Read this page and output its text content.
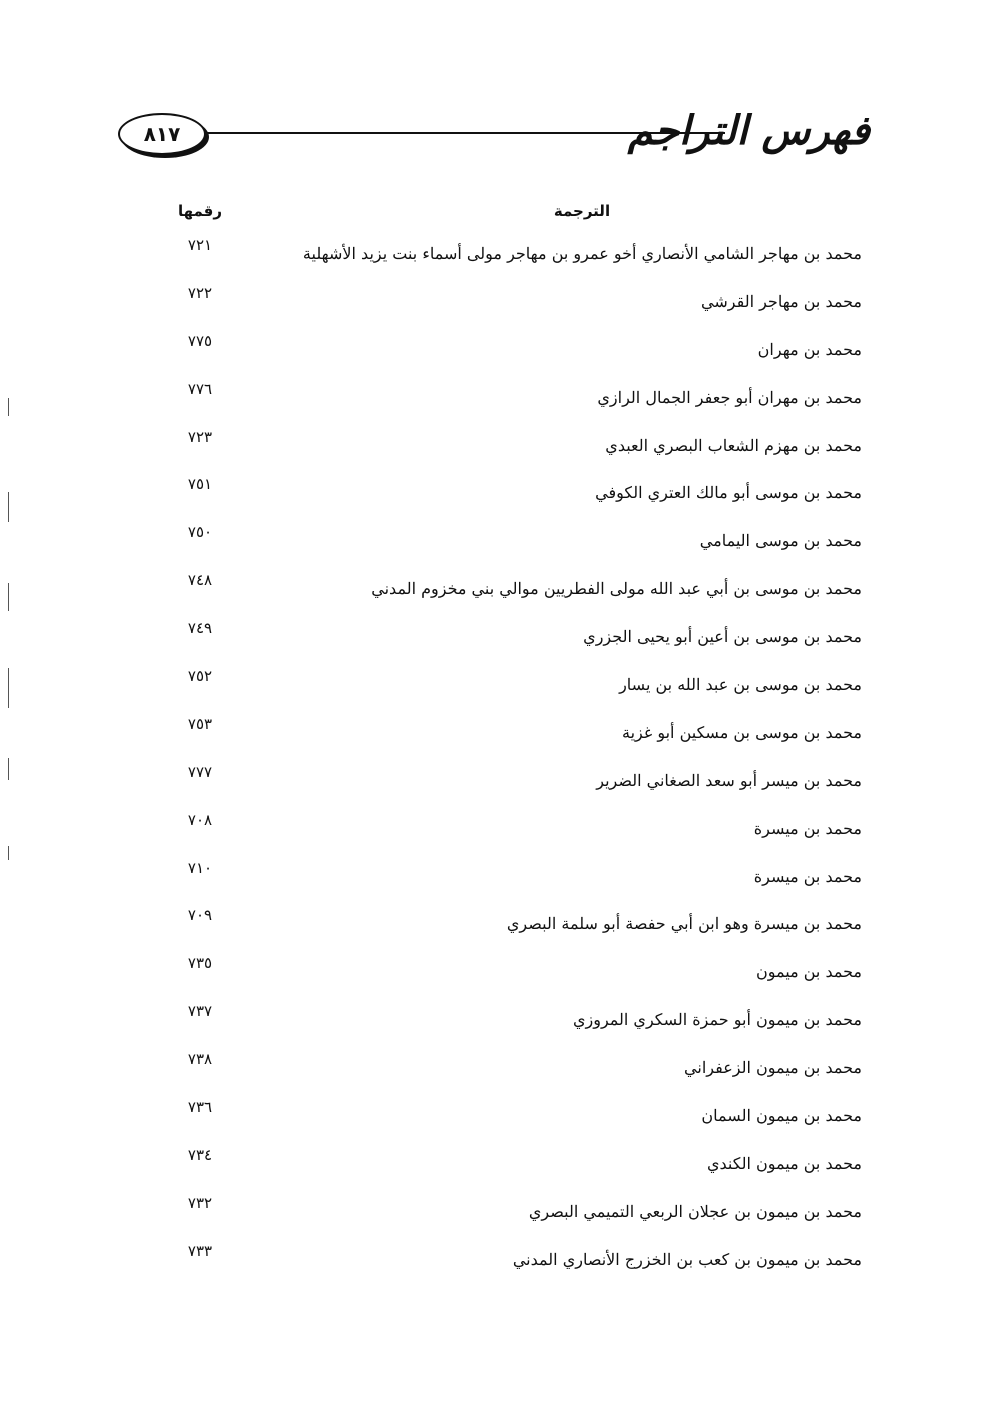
فهرس التراجم
٨١٧
الترجمة
رقمها
محمد بن مهاجر الشامي الأنصاري أخو عمرو بن مهاجر مولى أسماء بنت يزيد الأشهلية
٧٢١
محمد بن مهاجر القرشي
٧٢٢
محمد بن مهران
٧٧٥
محمد بن مهران أبو جعفر الجمال الرازي
٧٧٦
محمد بن مهزم الشعاب البصري العبدي
٧٢٣
محمد بن موسى أبو مالك العتري الكوفي
٧٥١
محمد بن موسى اليمامي
٧٥٠
محمد بن موسى بن أبي عبد الله مولى الفطريين موالي بني مخزوم المدني
٧٤٨
محمد بن موسى بن أعين أبو يحيى الجزري
٧٤٩
محمد بن موسى بن عبد الله بن يسار
٧٥٢
محمد بن موسى بن مسكين أبو غزية
٧٥٣
محمد بن ميسر أبو سعد الصغاني الضرير
٧٧٧
محمد بن ميسرة
٧٠٨
محمد بن ميسرة
٧١٠
محمد بن ميسرة وهو ابن أبي حفصة أبو سلمة البصري
٧٠٩
محمد بن ميمون
٧٣٥
محمد بن ميمون أبو حمزة السكري المروزي
٧٣٧
محمد بن ميمون الزعفراني
٧٣٨
محمد بن ميمون السمان
٧٣٦
محمد بن ميمون الكندي
٧٣٤
محمد بن ميمون بن عجلان الربعي التميمي البصري
٧٣٢
محمد بن ميمون بن كعب بن الخزرج الأنصاري المدني
٧٣٣
